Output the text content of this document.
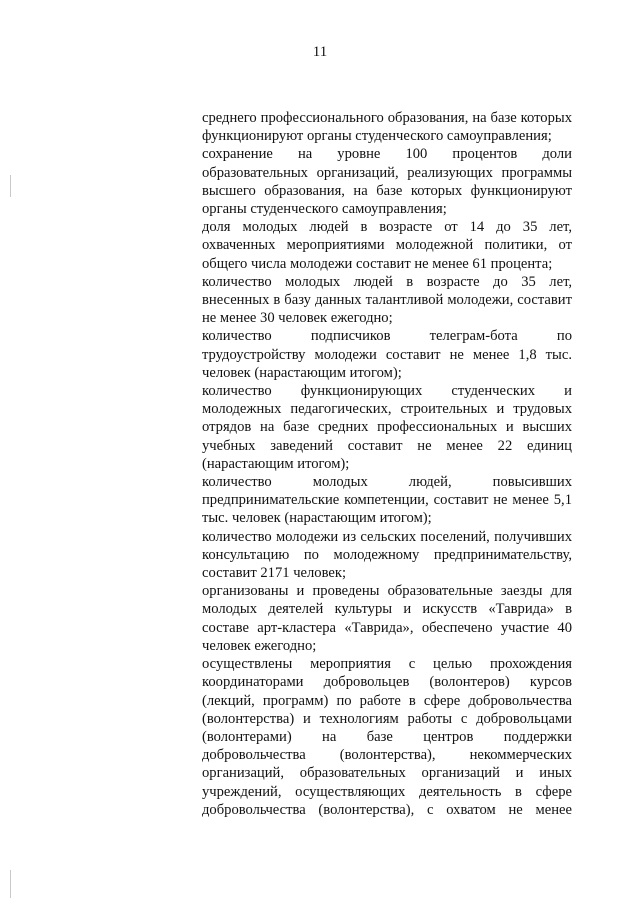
11

среднего профессионального образования, на базе которых функционируют органы студенческого самоуправления;

сохранение на уровне 100 процентов доли образовательных организаций, реализующих программы высшего образования, на базе которых функционируют органы студенческого самоуправления;

доля молодых людей в возрасте от 14 до 35 лет, охваченных мероприятиями молодежной политики, от общего числа молодежи составит не менее 61 процента;

количество молодых людей в возрасте до 35 лет, внесенных в базу данных талантливой молодежи, составит не менее 30 человек ежегодно;

количество подписчиков телеграм-бота по трудоустройству молодежи составит не менее 1,8 тыс. человек (нарастающим итогом);

количество функционирующих студенческих и молодежных педагогических, строительных и трудовых отрядов на базе средних профессиональных и высших учебных заведений составит не менее 22 единиц (нарастающим итогом);

количество молодых людей, повысивших предпринимательские компетенции, составит не менее 5,1 тыс. человек (нарастающим итогом);

количество молодежи из сельских поселений, получивших консультацию по молодежному предпринимательству, составит 2171 человек;

организованы и проведены образовательные заезды для молодых деятелей культуры и искусств «Таврида» в составе арт-кластера «Таврида», обеспечено участие 40 человек ежегодно;

осуществлены мероприятия с целью прохождения координаторами добровольцев (волонтеров) курсов (лекций, программ) по работе в сфере добровольчества (волонтерства) и технологиям работы с добровольцами (волонтерами) на базе центров поддержки добровольчества (волонтерства), некоммерческих организаций, образовательных организаций и иных учреждений, осуществляющих деятельность в сфере добровольчества (волонтерства), с охватом не менее
